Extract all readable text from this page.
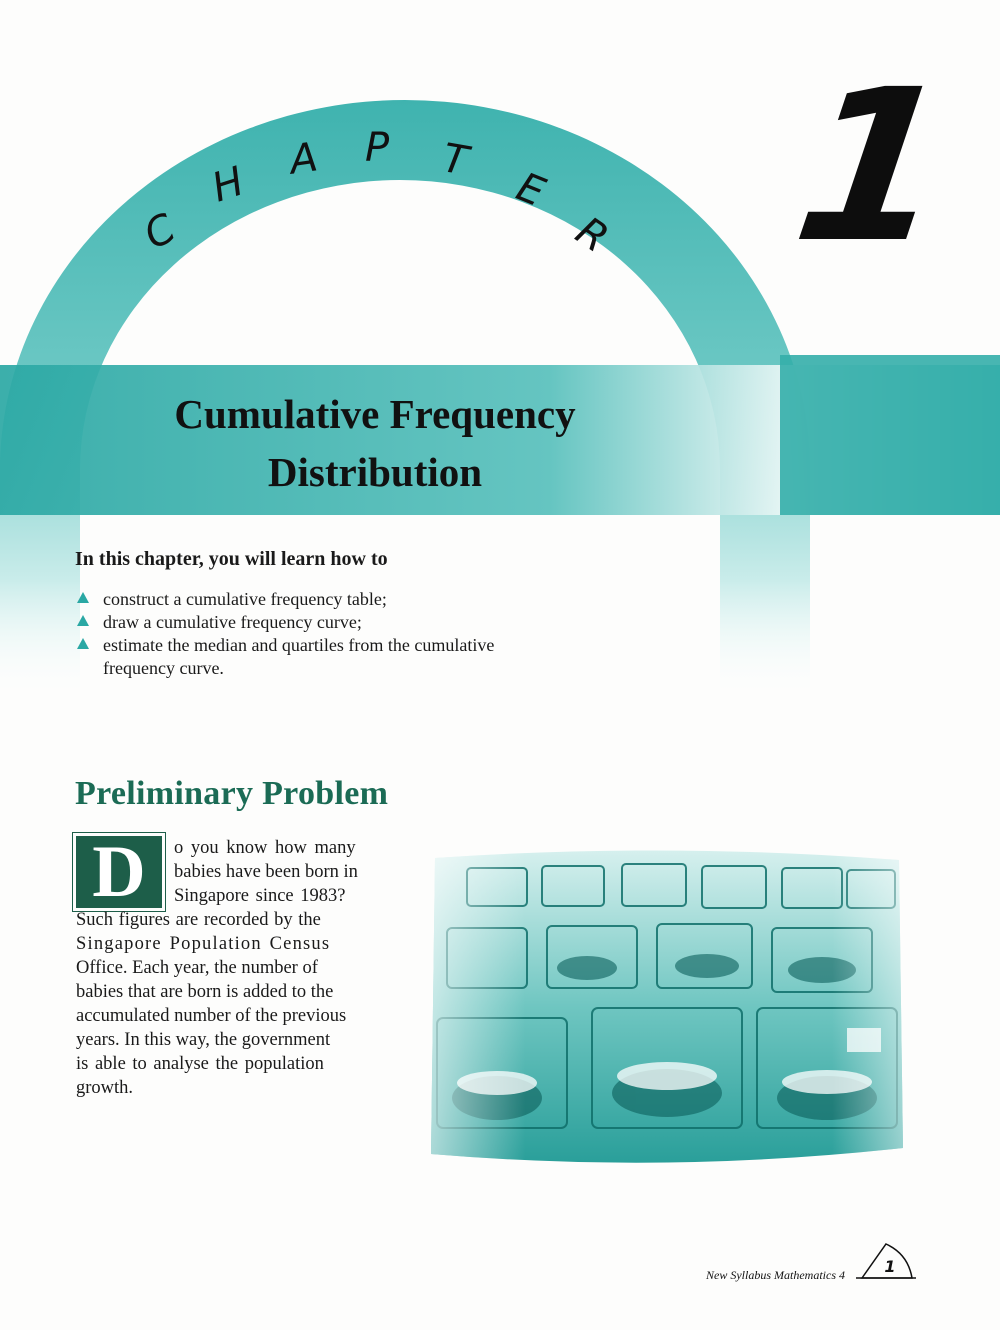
C
H A P T
E
R 1
Cumulative Frequency
Distribution
In this chapter, you will learn how to
construct a cumulative frequency table;
draw a cumulative frequency curve;
estimate the median and quartiles from the cumulative
frequency curve.
Preliminary Problem
D	o you know how many
babies have been born in
Singapore since 1983?
Such figures are recorded by the
Singapore Population Census
Office. Each year, the number of
babies that are born is added to the
accumulated number of the previous
years. In this way, the government
is able to analyse the population
growth.
New Syllabus Mathematics 4 1
